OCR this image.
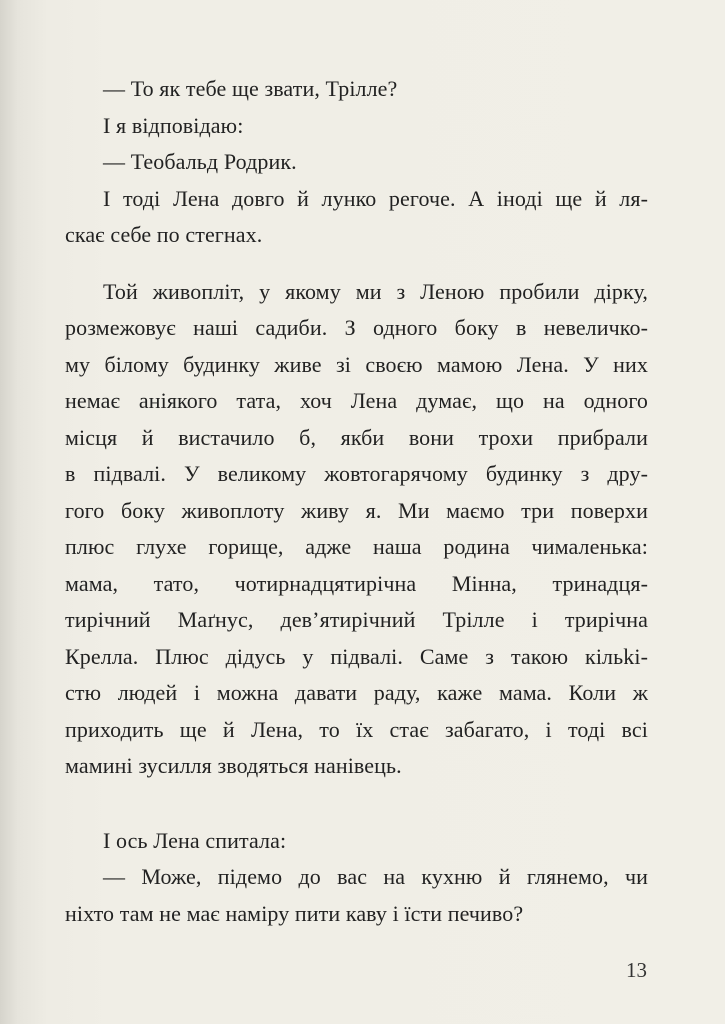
— То як тебе ще звати, Трілле?
І я відповідаю:
— Теобальд Родрик.
І тоді Лена довго й лунко регоче. А іноді ще й ля-
скає себе по стегнах.
Той живопліт, у якому ми з Леною пробили дірку,
розмежовує наші садиби. З одного боку в невеличко-
му білому будинку живе зі своєю мамою Лена. У них
немає аніякого тата, хоч Лена думає, що на одного
місця й вистачило б, якби вони трохи прибрали
в підвалі. У великому жовтогарячому будинку з дру-
гого боку живоплоту живу я. Ми маємо три поверхи
плюс глухе горище, адже наша родина чималенька:
мама, тато, чотирнадцятирічна Мінна, тринадця-
тирічний Маґнус, дев’ятирічний Трілле і трирічна
Крелла. Плюс дідусь у підвалі. Саме з такою кільki-
стю людей і можна давати раду, каже мама. Коли ж
приходить ще й Лена, то їх стає забагато, і тоді всі
мамині зусилля зводяться нанівець.
І ось Лена спитала:
— Може, підемо до вас на кухню й глянемо, чи
ніхто там не має наміру пити каву і їсти печиво?
13
